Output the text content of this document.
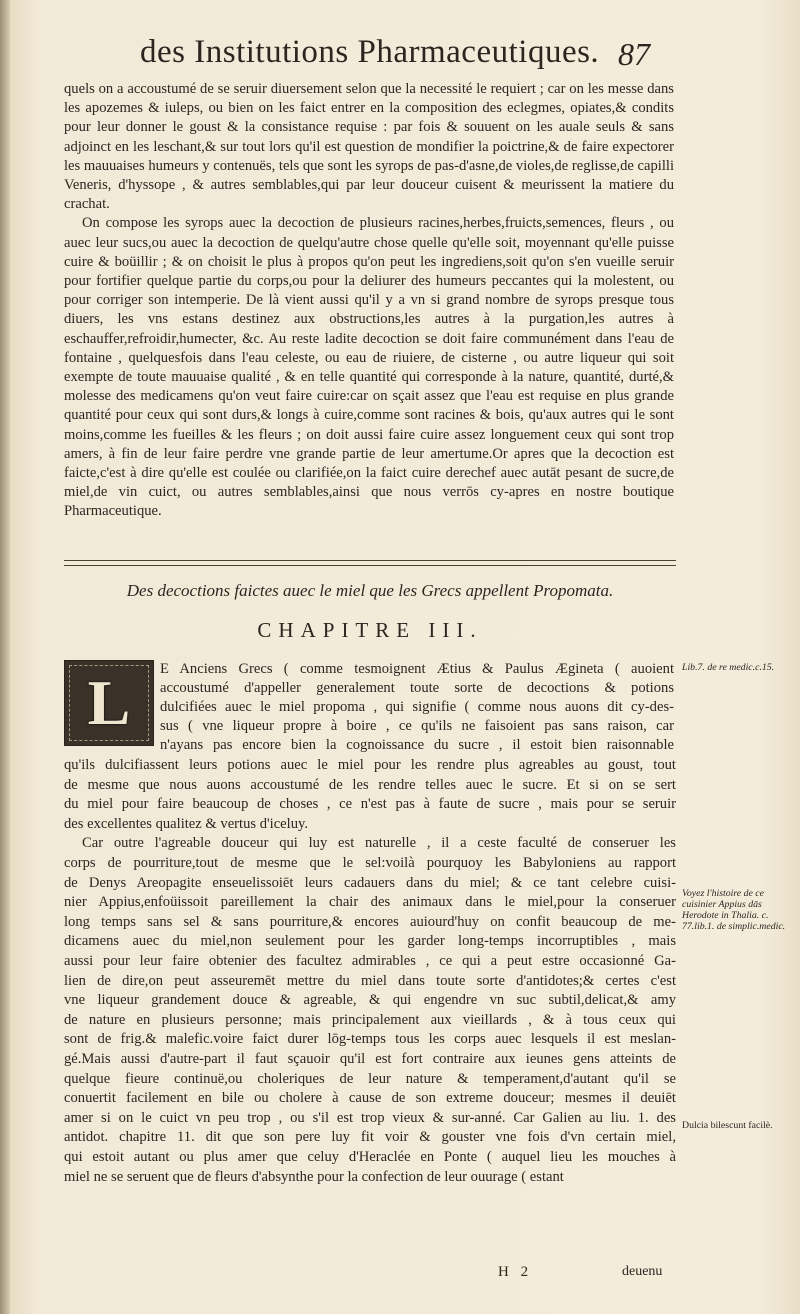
des Institutions Pharmaceutiques. 87

quels on a accoustumé de se seruir diuersement selon que la necessité le requiert ; car on les messe dans les apozemes & iuleps, ou bien on les faict entrer en la composition des eclegmes, opiates,& condits pour leur donner le goust & la consistance requise : par fois & souuent on les auale seuls & sans adjoinct en les leschant,& sur tout lors qu'il est question de mondifier la poictrine,& de faire expectorer les mauuaises humeurs y contenuës, tels que sont les syrops de pas-d'asne,de violes,de reglisse,de capilli Veneris, d'hyssope , & autres semblables,qui par leur douceur cuisent & meurissent la matiere du crachat.

On compose les syrops auec la decoction de plusieurs racines,herbes,fruicts,semences, fleurs , ou auec leur sucs,ou auec la decoction de quelqu'autre chose quelle qu'elle soit, moyennant qu'elle puisse cuire & boüillir ; & on choisit le plus à propos qu'on peut les ingrediens,soit qu'on s'en vueille seruir pour fortifier quelque partie du corps,ou pour la deliurer des humeurs peccantes qui la molestent, ou pour corriger son intemperie. De là vient aussi qu'il y a vn si grand nombre de syrops presque tous diuers, les vns estans destinez aux obstructions,les autres à la purgation,les autres à eschauffer,refroidir,humecter, &c. Au reste ladite decoction se doit faire communément dans l'eau de fontaine , quelquesfois dans l'eau celeste, ou eau de riuiere, de cisterne , ou autre liqueur qui soit exempte de toute mauuaise qualité , & en telle quantité qui corresponde à la nature, quantité, durté,& molesse des medicamens qu'on veut faire cuire:car on sçait assez que l'eau est requise en plus grande quantité pour ceux qui sont durs,& longs à cuire,comme sont racines & bois, qu'aux autres qui le sont moins,comme les fueilles & les fleurs ; on doit aussi faire cuire assez longuement ceux qui sont trop amers, à fin de leur faire perdre vne grande partie de leur amertume.Or apres que la decoction est faicte,c'est à dire qu'elle est coulée ou clarifiée,on la faict cuire derechef auec autāt pesant de sucre,de miel,de vin cuict, ou autres semblables,ainsi que nous verrōs cy-apres en nostre boutique Pharmaceutique.

Des decoctions faictes auec le miel que les Grecs appellent Propomata.
CHAPITRE III.
L E Anciens Grecs ( comme tesmoignent Ætius & Paulus Ægineta ( auoient
accoustumé d'appeller generalement toute sorte de decoctions & potions
dulcifiées auec le miel propoma , qui signifie ( comme nous auons dit cy-des-
sus ( vne liqueur propre à boire , ce qu'ils ne faisoient pas sans raison, car
n'ayans pas encore bien la cognoissance du sucre , il estoit bien raisonnable
qu'ils dulcifiassent leurs potions auec le miel pour les rendre plus agreables au goust, tout
de mesme que nous auons accoustumé de les rendre telles auec le sucre. Et si on se sert
du miel pour faire beaucoup de choses , ce n'est pas à faute de sucre , mais pour se seruir
des excellentes qualitez & vertus d'iceluy.
Car outre l'agreable douceur qui luy est naturelle , il a ceste faculté de conseruer les
corps de pourriture,tout de mesme que le sel:voilà pourquoy les Babyloniens au rapport
de Denys Areopagite enseuelissoiēt leurs cadauers dans du miel; & ce tant celebre cuisi-
nier Appius,enfoüissoit pareillement la chair des animaux dans le miel,pour la conseruer
long temps sans sel & sans pourriture,& encores auiourd'huy on confit beaucoup de me-
dicamens auec du miel,non seulement pour les garder long-temps incorruptibles , mais
aussi pour leur faire obtenier des facultez admirables , ce qui a peut estre occasionné Ga-
lien de dire,on peut asseuremēt mettre du miel dans toute sorte d'antidotes;& certes c'est
vne liqueur grandement douce & agreable, & qui engendre vn suc subtil,delicat,& amy
de nature en plusieurs personne; mais principalement aux vieillards , & à tous ceux qui
sont de frig.& malefic.voire faict durer lōg-temps tous les corps auec lesquels il est meslan-
gé.Mais aussi d'autre-part il faut sçauoir qu'il est fort contraire aux ieunes gens atteints de
quelque fieure continuë,ou choleriques de leur nature & temperament,d'autant qu'il se
conuertit facilement en bile ou cholere à cause de son extreme douceur; mesmes il deuiēt
amer si on le cuict vn peu trop , ou s'il est trop vieux & sur-anné. Car Galien au liu. 1. des
antidot. chapitre 11. dit que son pere luy fit voir & gouster vne fois d'vn certain miel,
qui estoit autant ou plus amer que celuy d'Heraclée en Ponte ( auquel lieu les mouches à
miel ne se seruent que de fleurs d'absynthe pour la confection de leur ouurage ( estant
Lib.7. de re medic.c.15.
Voyez l'histoire de ce cuisinier Appius dās Herodote in Thalia. c. 77.lib.1. de simplic.medic.
Dulcia bilescunt facilè.
H 2	deuenu
